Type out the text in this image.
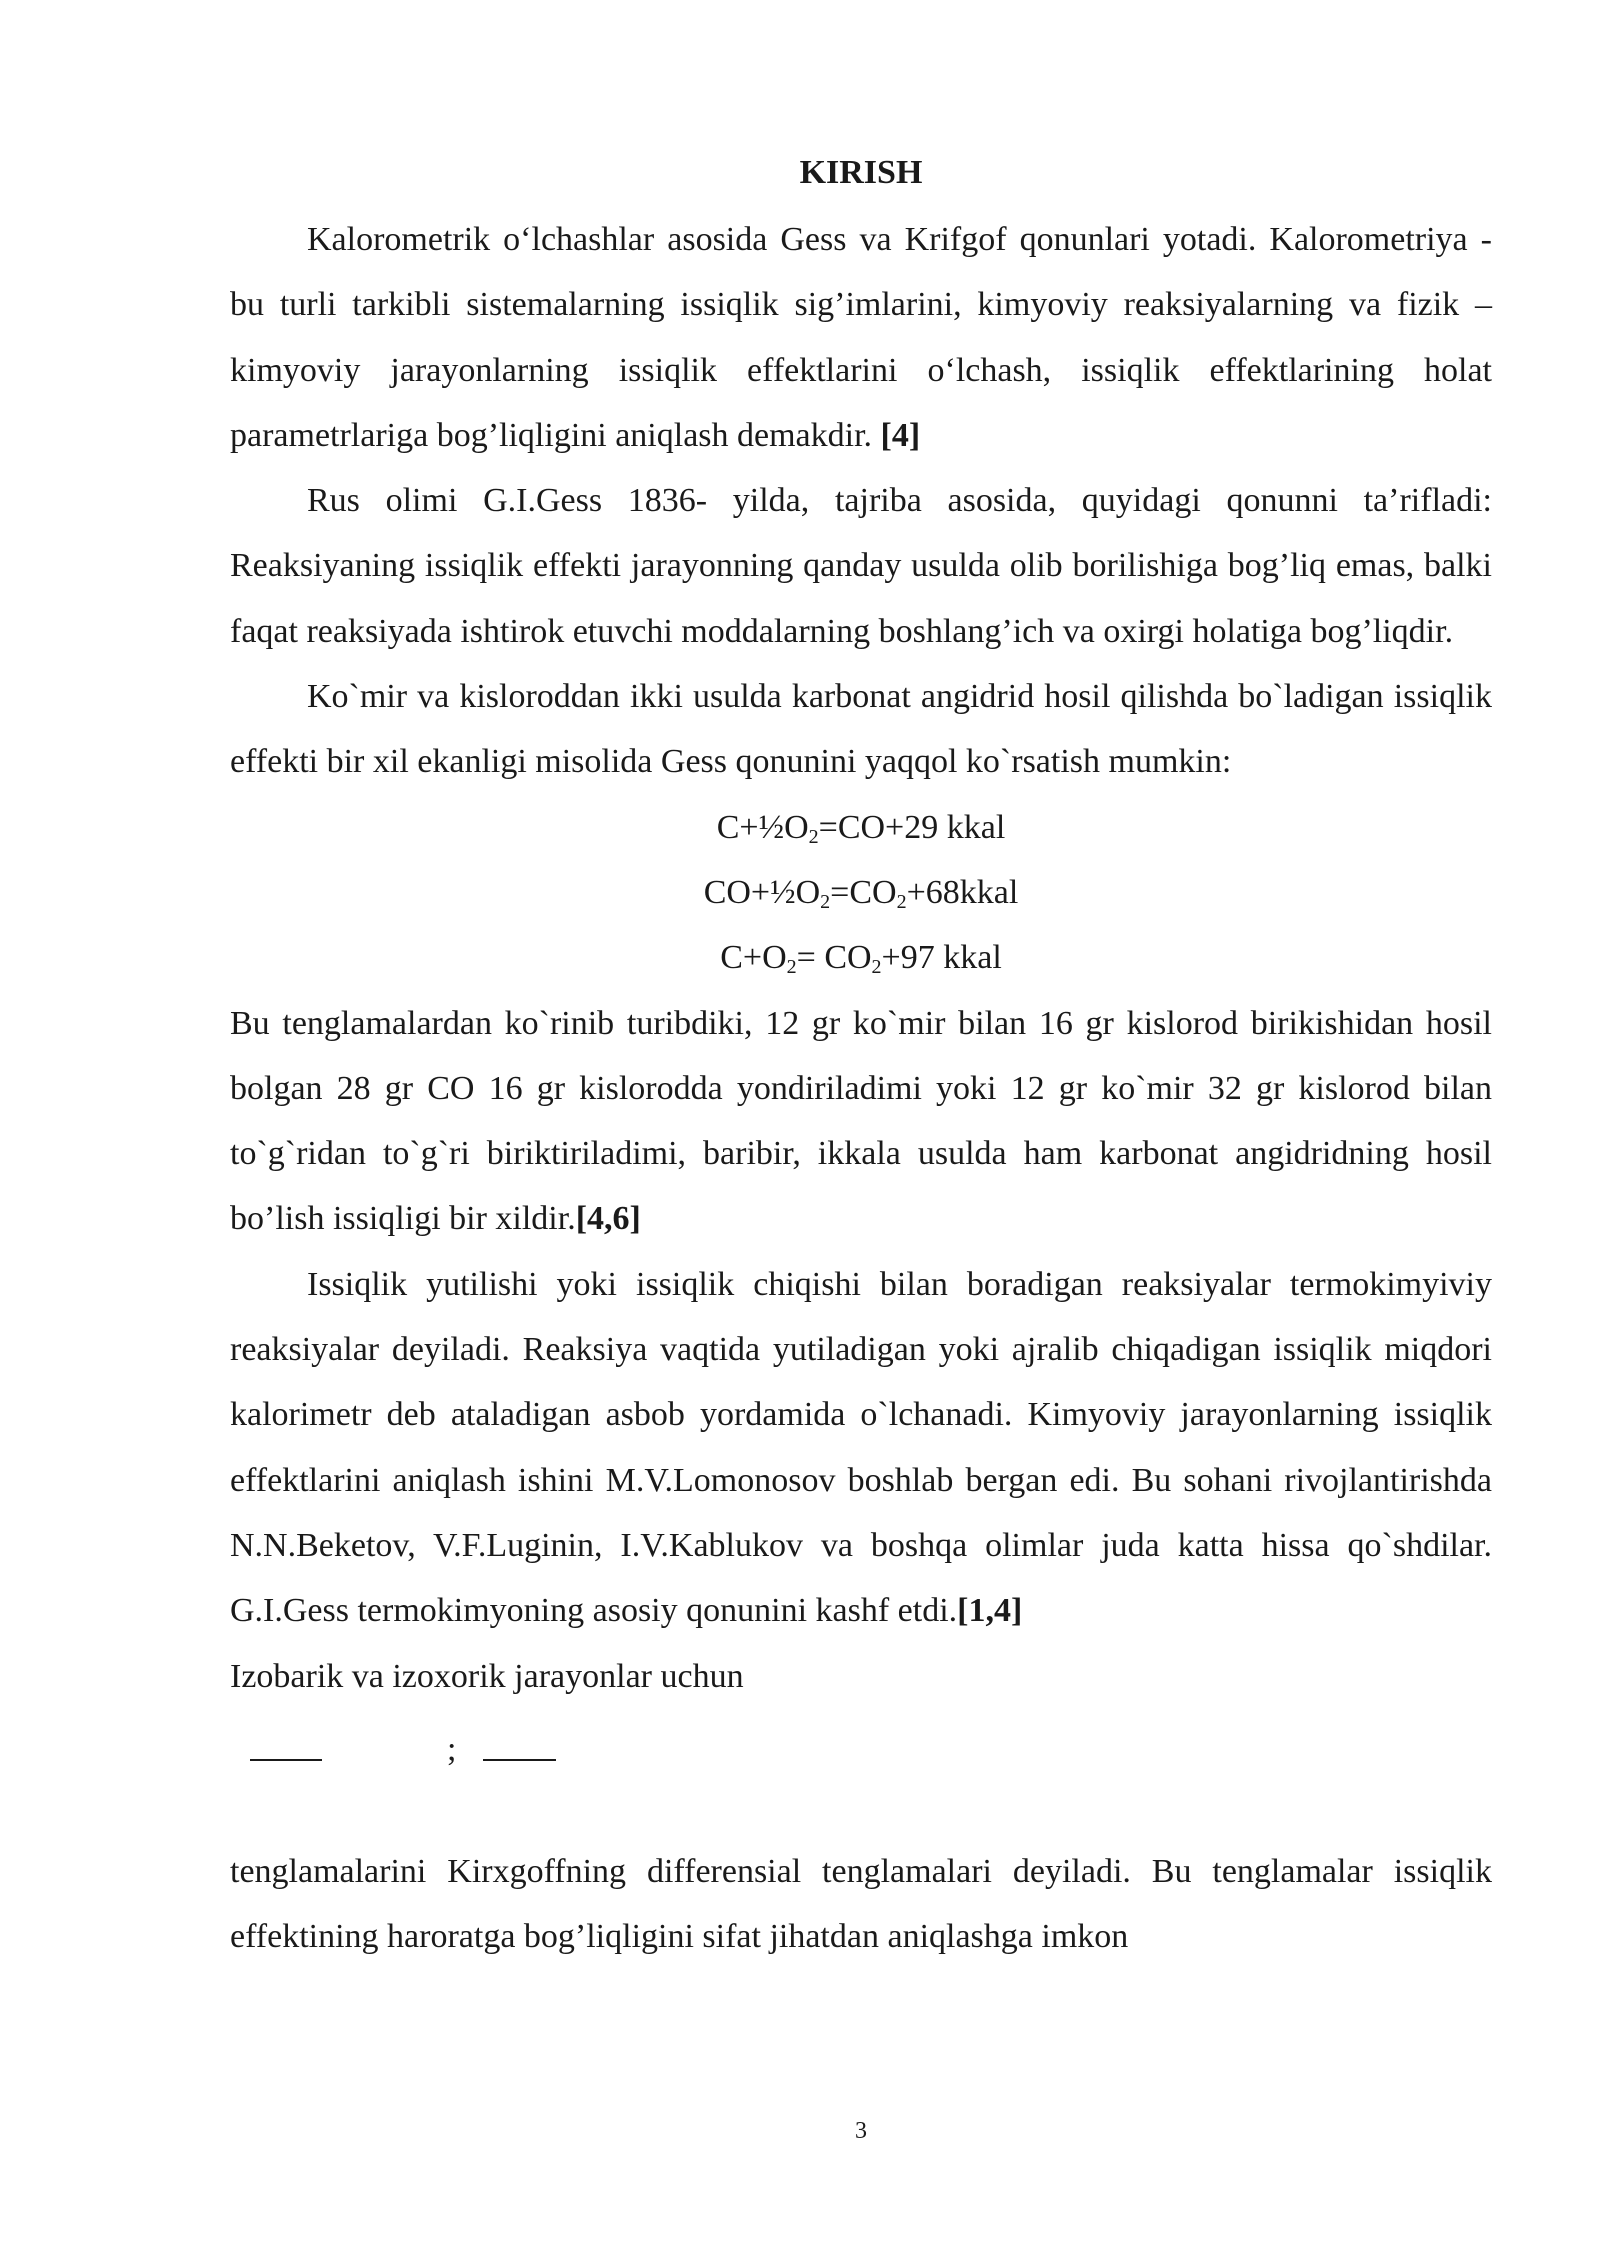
KIRISH

Kalorometrik o‘lchashlar asosida Gess va Krifgof qonunlari yotadi. Kalorometriya - bu turli tarkibli sistemalarning issiqlik sig’imlarini, kimyoviy reaksiyalarning va fizik – kimyoviy jarayonlarning issiqlik effektlarini o‘lchash, issiqlik effektlarining holat parametrlariga bog’liqligini aniqlash demakdir. [4]

Rus olimi G.I.Gess 1836- yilda, tajriba asosida, quyidagi qonunni ta’rifladi: Reaksiyaning issiqlik effekti jarayonning qanday usulda olib borilishiga bog’liq emas, balki faqat reaksiyada ishtirok etuvchi moddalarning boshlang’ich va oxirgi holatiga bog’liqdir.

Ko`mir va kisloroddan ikki usulda karbonat angidrid hosil qilishda bo`ladigan issiqlik effekti bir xil ekanligi misolida Gess qonunini yaqqol ko`rsatish mumkin:

$C+\frac{1}{2}O_2=CO+29$ kkal

$CO+\frac{1}{2}O_2=CO_2+68kkal$

$C+O_2= CO_2+97$ kkal

Bu tenglamalardan ko`rinib turibdiki, 12 gr ko`mir bilan 16 gr kislorod birikishidan hosil bolgan 28 gr CO 16 gr kislorodda yondiriladimi yoki 12 gr ko`mir 32 gr kislorod bilan to`g`ridan to`g`ri biriktiriladimi, baribir, ikkala usulda ham karbonat angidridning hosil bo’lish issiqligi bir xildir.[4,6]

Issiqlik yutilishi yoki issiqlik chiqishi bilan boradigan reaksiyalar termokimyiviy reaksiyalar deyiladi. Reaksiya vaqtida yutiladigan yoki ajralib chiqadigan issiqlik miqdori kalorimetr deb ataladigan asbob yordamida o`lchanadi. Kimyoviy jarayonlarning issiqlik effektlarini aniqlash ishini M.V.Lomonosov boshlab bergan edi. Bu sohani rivojlantirishda N.N.Beketov, V.F.Luginin, I.V.Kablukov va boshqa olimlar juda katta hissa qo`shdilar. G.I.Gess termokimyoning asosiy qonunini kashf etdi.[1,4]

Izobarik va izoxorik jarayonlar uchun

;

tenglamalarini Kirxgoffning differensial tenglamalari deyiladi. Bu tenglamalar issiqlik effektining haroratga bog’liqligini sifat jihatdan aniqlashga imkon

3
